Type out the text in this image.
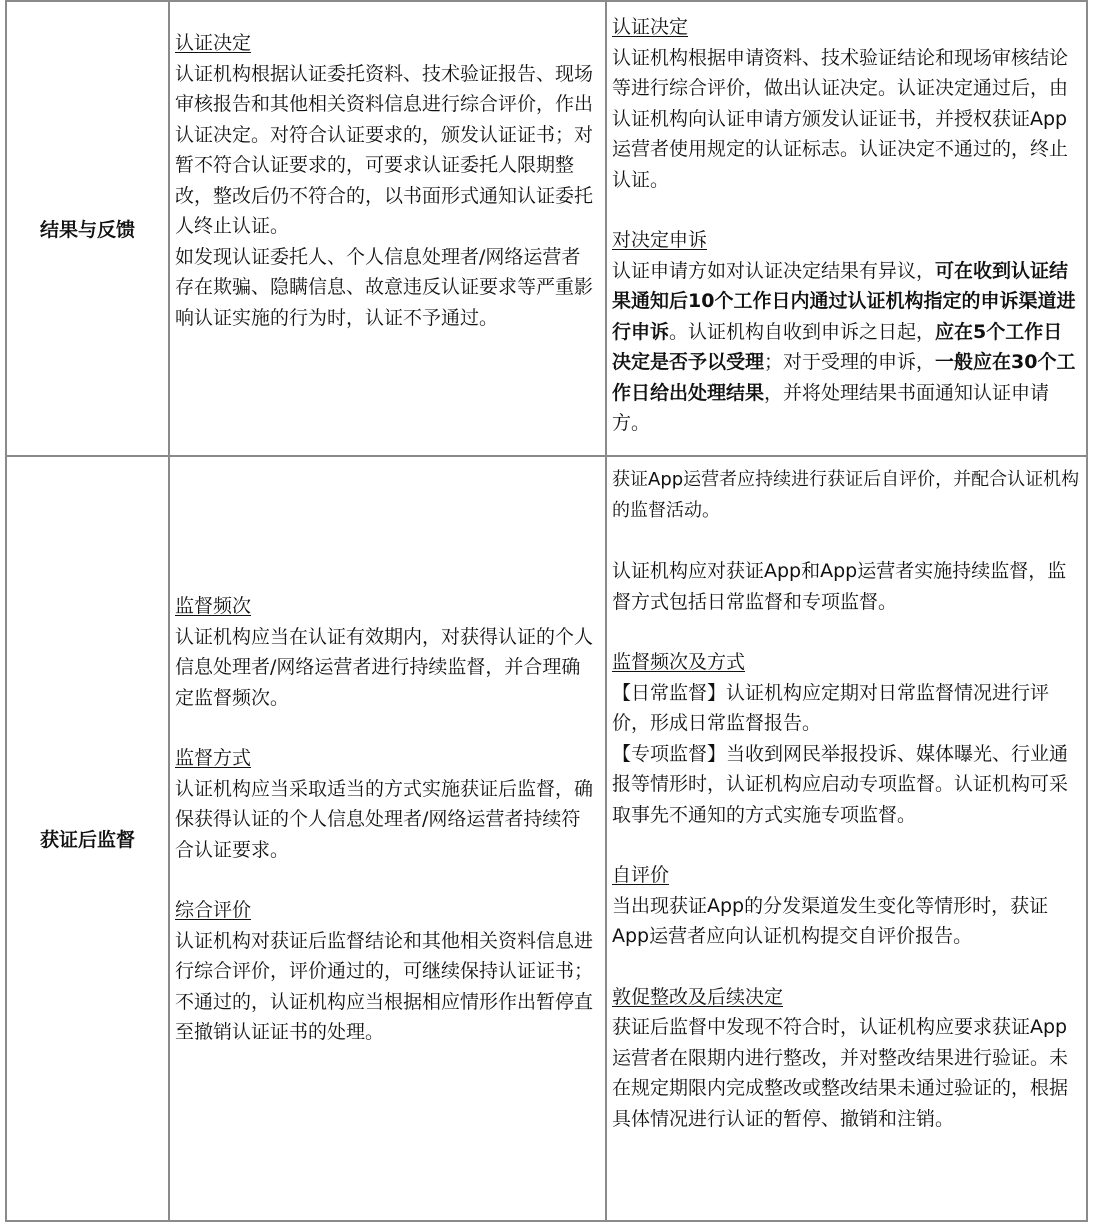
结果与反馈

认证决定

认证机构根据认证委托资料、技术验证报告、现场审核报告和其他相关资料信息进行综合评价，作出认证决定。对符合认证要求的，颁发认证证书；对暂不符合认证要求的，可要求认证委托人限期整改，整改后仍不符合的，以书面形式通知认证委托人终止认证。

如发现认证委托人、个人信息处理者/网络运营者存在欺骗、隐瞒信息、故意违反认证要求等严重影响认证实施的行为时，认证不予通过。

认证决定

认证机构根据申请资料、技术验证结论和现场审核结论等进行综合评价，做出认证决定。认证决定通过后，由认证机构向认证申请方颁发认证证书，并授权获证App运营者使用规定的认证标志。认证决定不通过的，终止认证。

对决定申诉

认证申请方如对认证决定结果有异议，可在收到认证结果通知后10个工作日内通过认证机构指定的申诉渠道进行申诉。认证机构自收到申诉之日起，应在5个工作日决定是否予以受理；对于受理的申诉，一般应在30个工作日给出处理结果，并将处理结果书面通知认证申请方。

获证后监督

监督频次

认证机构应当在认证有效期内，对获得认证的个人信息处理者/网络运营者进行持续监督，并合理确定监督频次。

监督方式

认证机构应当采取适当的方式实施获证后监督，确保获得认证的个人信息处理者/网络运营者持续符合认证要求。

综合评价

认证机构对获证后监督结论和其他相关资料信息进行综合评价，评价通过的，可继续保持认证证书；不通过的，认证机构应当根据相应情形作出暂停直至撤销认证证书的处理。

获证App运营者应持续进行获证后自评价，并配合认证机构的监督活动。

认证机构应对获证App和App运营者实施持续监督，监督方式包括日常监督和专项监督。

监督频次及方式

【日常监督】认证机构应定期对日常监督情况进行评价，形成日常监督报告。

【专项监督】当收到网民举报投诉、媒体曝光、行业通报等情形时，认证机构应启动专项监督。认证机构可采取事先不通知的方式实施专项监督。

自评价

当出现获证App的分发渠道发生变化等情形时，获证App运营者应向认证机构提交自评价报告。

敦促整改及后续决定

获证后监督中发现不符合时，认证机构应要求获证App运营者在限期内进行整改，并对整改结果进行验证。未在规定期限内完成整改或整改结果未通过验证的，根据具体情况进行认证的暂停、撤销和注销。
